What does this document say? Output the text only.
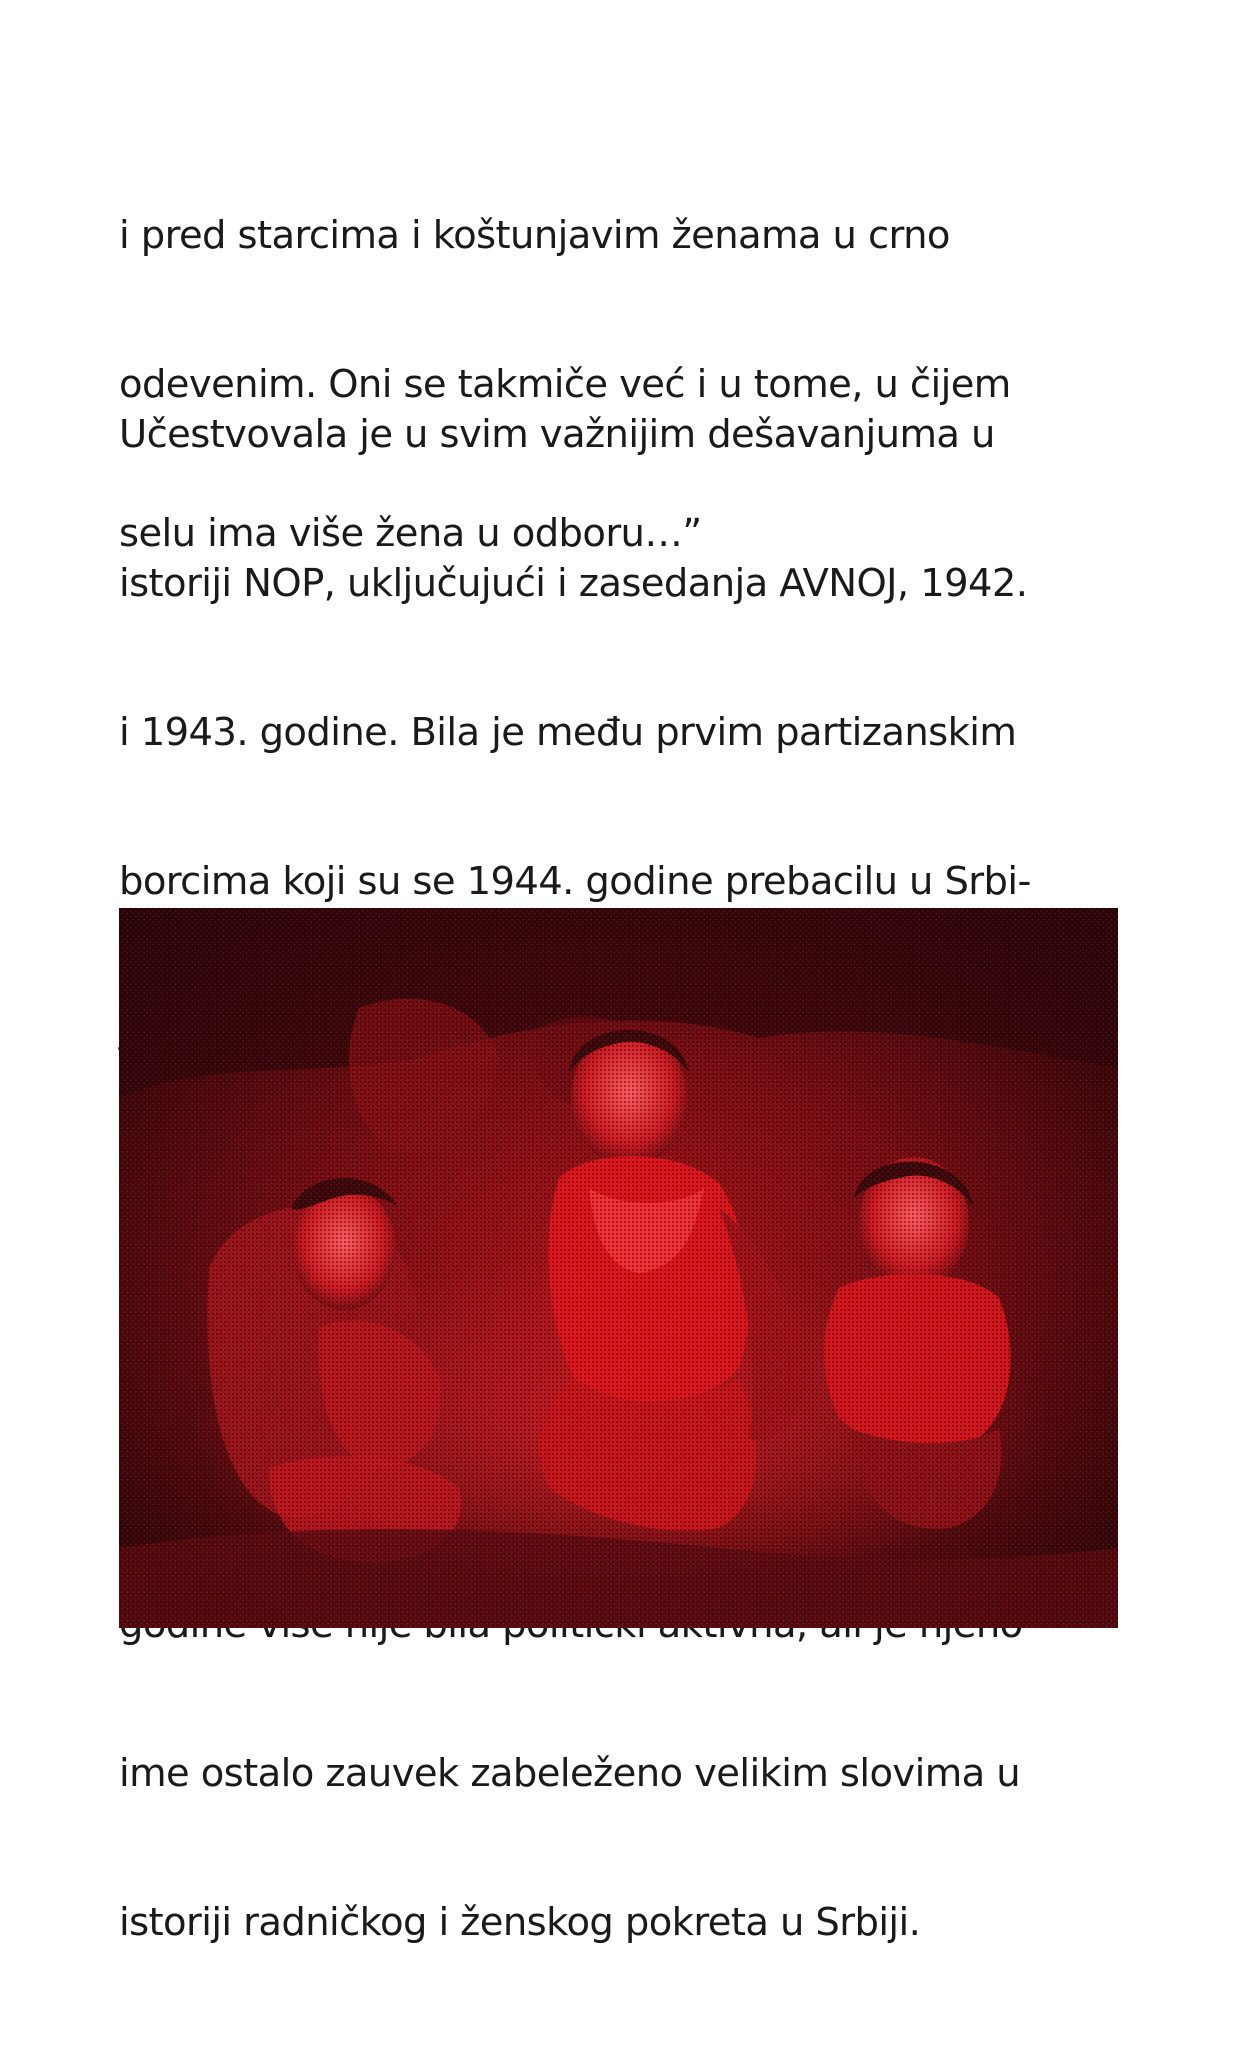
i pred starcima i koštunjavim ženama u crno

odevenim. Oni se takmiče već i u tome, u čijem

selu ima više žena u odboru…”

Učestvovala je u svim važnijim dešavanjuma u

istoriji NOP, uključujući i zasedanja AVNOJ, 1942.

i 1943. godine. Bila je među prvim partizanskim

borcima koji su se 1944. godine prebacilu u Srbi-

ime ostalo zauvek zabeleženo velikim slovima u

istoriji radničkog i ženskog pokreta u Srbiji.
